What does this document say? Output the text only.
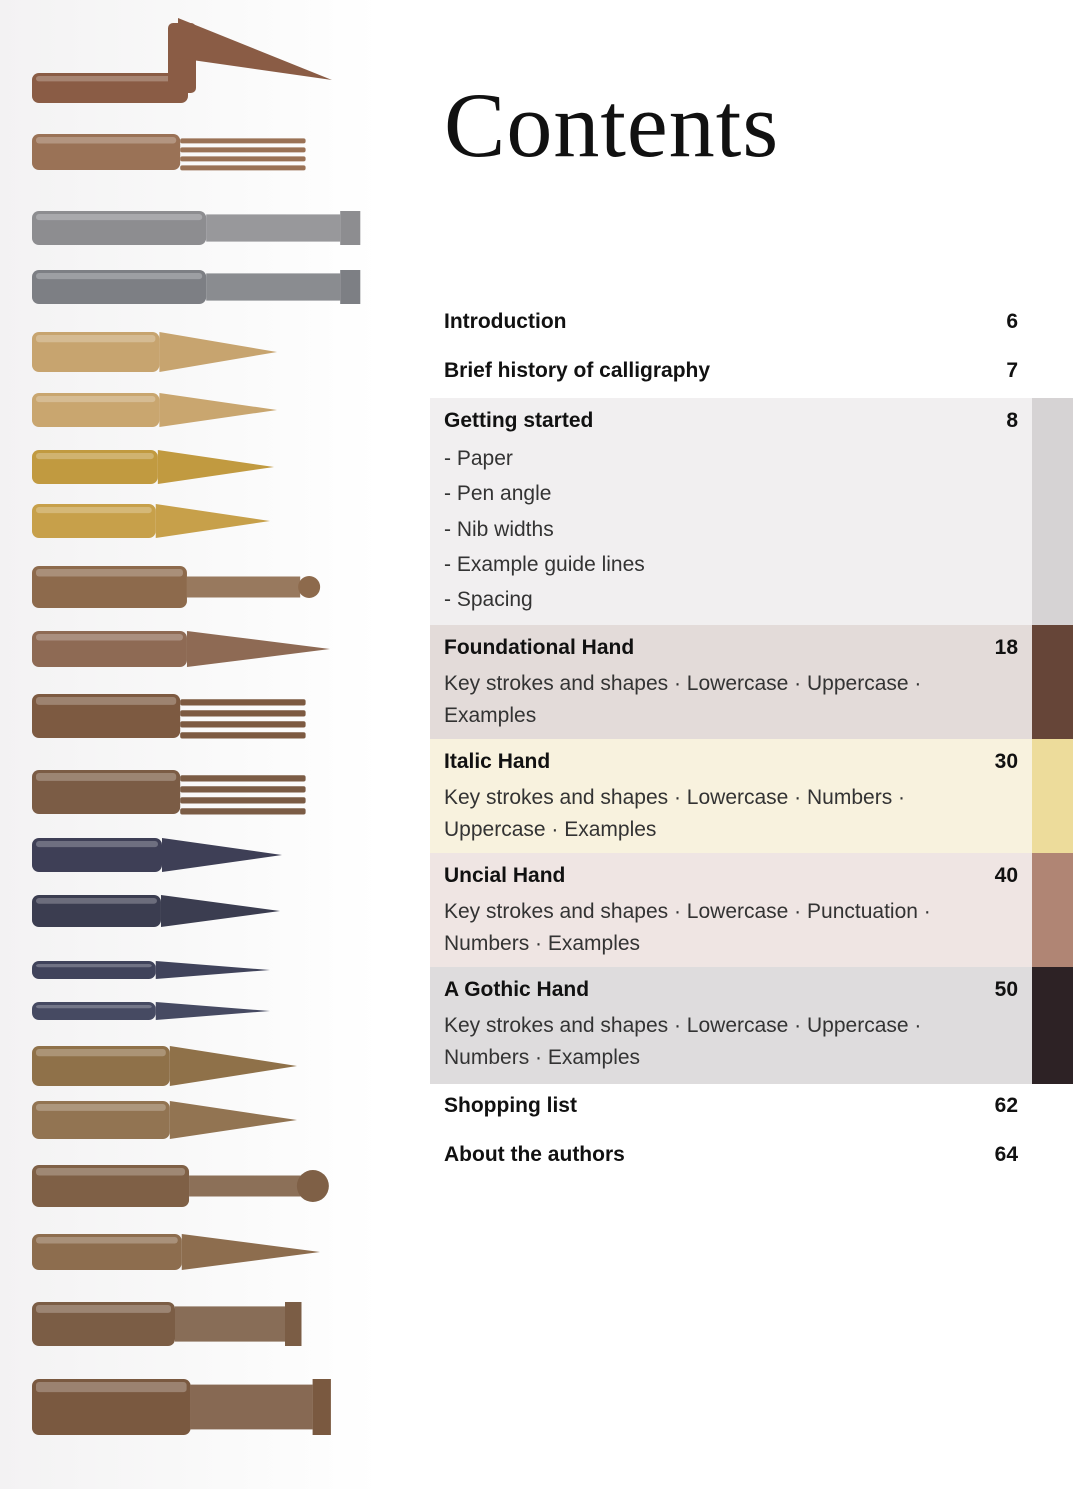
Contents
Introduction	6
Brief history of calligraphy	7
Getting started	8
- Paper
- Pen angle
- Nib widths
- Example guide lines
- Spacing
Foundational Hand	18

Key strokes and shapes · Lowercase · Uppercase · Examples

Italic Hand	30

Key strokes and shapes · Lowercase · Numbers · Uppercase · Examples

Uncial Hand	40

Key strokes and shapes · Lowercase · Punctuation · Numbers · Examples

A Gothic Hand	50

Key strokes and shapes · Lowercase · Uppercase · Numbers · Examples

Shopping list	62
About the authors	64
